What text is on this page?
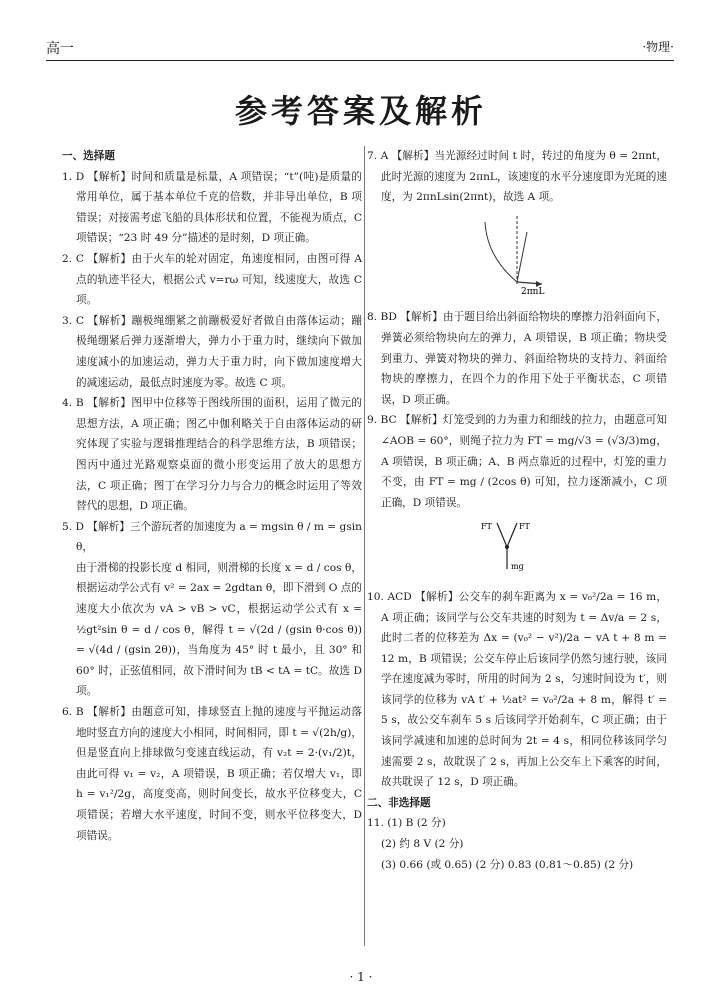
高一	·物理·
参考答案及解析

一、选择题

1. D 【解析】时间和质量是标量，A 项错误；“t”(吨)是质量的常用单位，属于基本单位千克的倍数，并非导出单位，B 项错误；对接需考虑飞船的具体形状和位置，不能视为质点，C 项错误；“23 时 49 分”描述的是时刻，D 项正确。

2. C 【解析】由于火车的轮对固定，角速度相同，由图可得 A 点的轨迹半径大，根据公式 v=rω 可知，线速度大，故选 C 项。

3. C 【解析】蹦极绳绷紧之前蹦极爱好者做自由落体运动；蹦极绳绷紧后弹力逐渐增大，弹力小于重力时，继续向下做加速度减小的加速运动，弹力大于重力时，向下做加速度增大的减速运动，最低点时速度为零。故选 C 项。

4. B 【解析】图甲中位移等于图线所围的面积，运用了微元的思想方法，A 项正确；图乙中伽利略关于自由落体运动的研究体现了实验与逻辑推理结合的科学思维方法，B 项错误；图丙中通过光路观察桌面的微小形变运用了放大的思想方法，C 项正确；图丁在学习分力与合力的概念时运用了等效替代的思想，D 项正确。

5. D 【解析】三个游玩者的加速度为 a = mgsin θ / m = gsin θ，

由于滑梯的投影长度 d 相同，则滑梯的长度 x = d / cos θ，根据运动学公式有 v² = 2ax = 2gdtan θ，即下滑到 O 点的速度大小依次为 vA > vB > vC，根据运动学公式有 x = ½gt²sin θ = d / cos θ，解得 t = √(2d / (gsin θ·cos θ)) = √(4d / (gsin 2θ))，当角度为 45° 时 t 最小，且 30° 和 60° 时，正弦值相同，故下滑时间为 tB < tA = tC。故选 D 项。

6. B 【解析】由题意可知，排球竖直上抛的速度与平抛运动落地时竖直方向的速度大小相同，时间相同，即 t = √(2h/g)，但是竖直向上排球做匀变速直线运动，有 v₂t = 2·(v₁/2)t，由此可得 v₁ = v₂，A 项错误，B 项正确；若仅增大 v₁，即 h = v₁²/2g，高度变高，则时间变长，故水平位移变大，C 项错误；若增大水平速度，时间不变，则水平位移变大，D 项错误。

7. A 【解析】当光源经过时间 t 时，转过的角度为 θ = 2πnt，此时光源的速度为 2πnL，该速度的水平分速度即为光斑的速度，为 2πnLsin(2πnt)，故选 A 项。

2πnL

8. BD 【解析】由于题目给出斜面给物块的摩擦力沿斜面向下，弹簧必须给物块向左的弹力，A 项错误，B 项正确；物块受到重力、弹簧对物块的弹力、斜面给物块的支持力、斜面给物块的摩擦力，在四个力的作用下处于平衡状态，C 项错误，D 项正确。

9. BC 【解析】灯笼受到的力为重力和细线的拉力，由题意可知∠AOB = 60°，则绳子拉力为 FT = mg/√3 = (√3/3)mg，A 项错误，B 项正确；A、B 两点靠近的过程中，灯笼的重力不变，由 FT = mg / (2cos θ) 可知，拉力逐渐减小，C 项正确，D 项错误。

FT	FT
mg

10. ACD 【解析】公交车的刹车距离为 x = v₀²/2a = 16 m，A 项正确；该同学与公交车共速的时刻为 t = Δv/a = 2 s，此时二者的位移差为 Δx = (v₀² − v²)/2a − vA t + 8 m = 12 m，B 项错误；公交车停止后该同学仍然匀速行驶，该同学在速度减为零时，所用的时间为 2 s，匀速时间设为 t′，则该同学的位移为 vA t′ + ½at² = v₀²/2a + 8 m，解得 t′ = 5 s，故公交车刹车 5 s 后该同学开始刹车，C 项正确；由于该同学减速和加速的总时间为 2t = 4 s，相同位移该同学匀速需要 2 s，故耽误了 2 s，再加上公交车上下乘客的时间，故共耽误了 12 s，D 项正确。

二、非选择题

11. (1) B (2 分)

(2) 约 8 V (2 分)

(3) 0.66 (或 0.65) (2 分) 0.83 (0.81～0.85) (2 分)

· 1 ·
